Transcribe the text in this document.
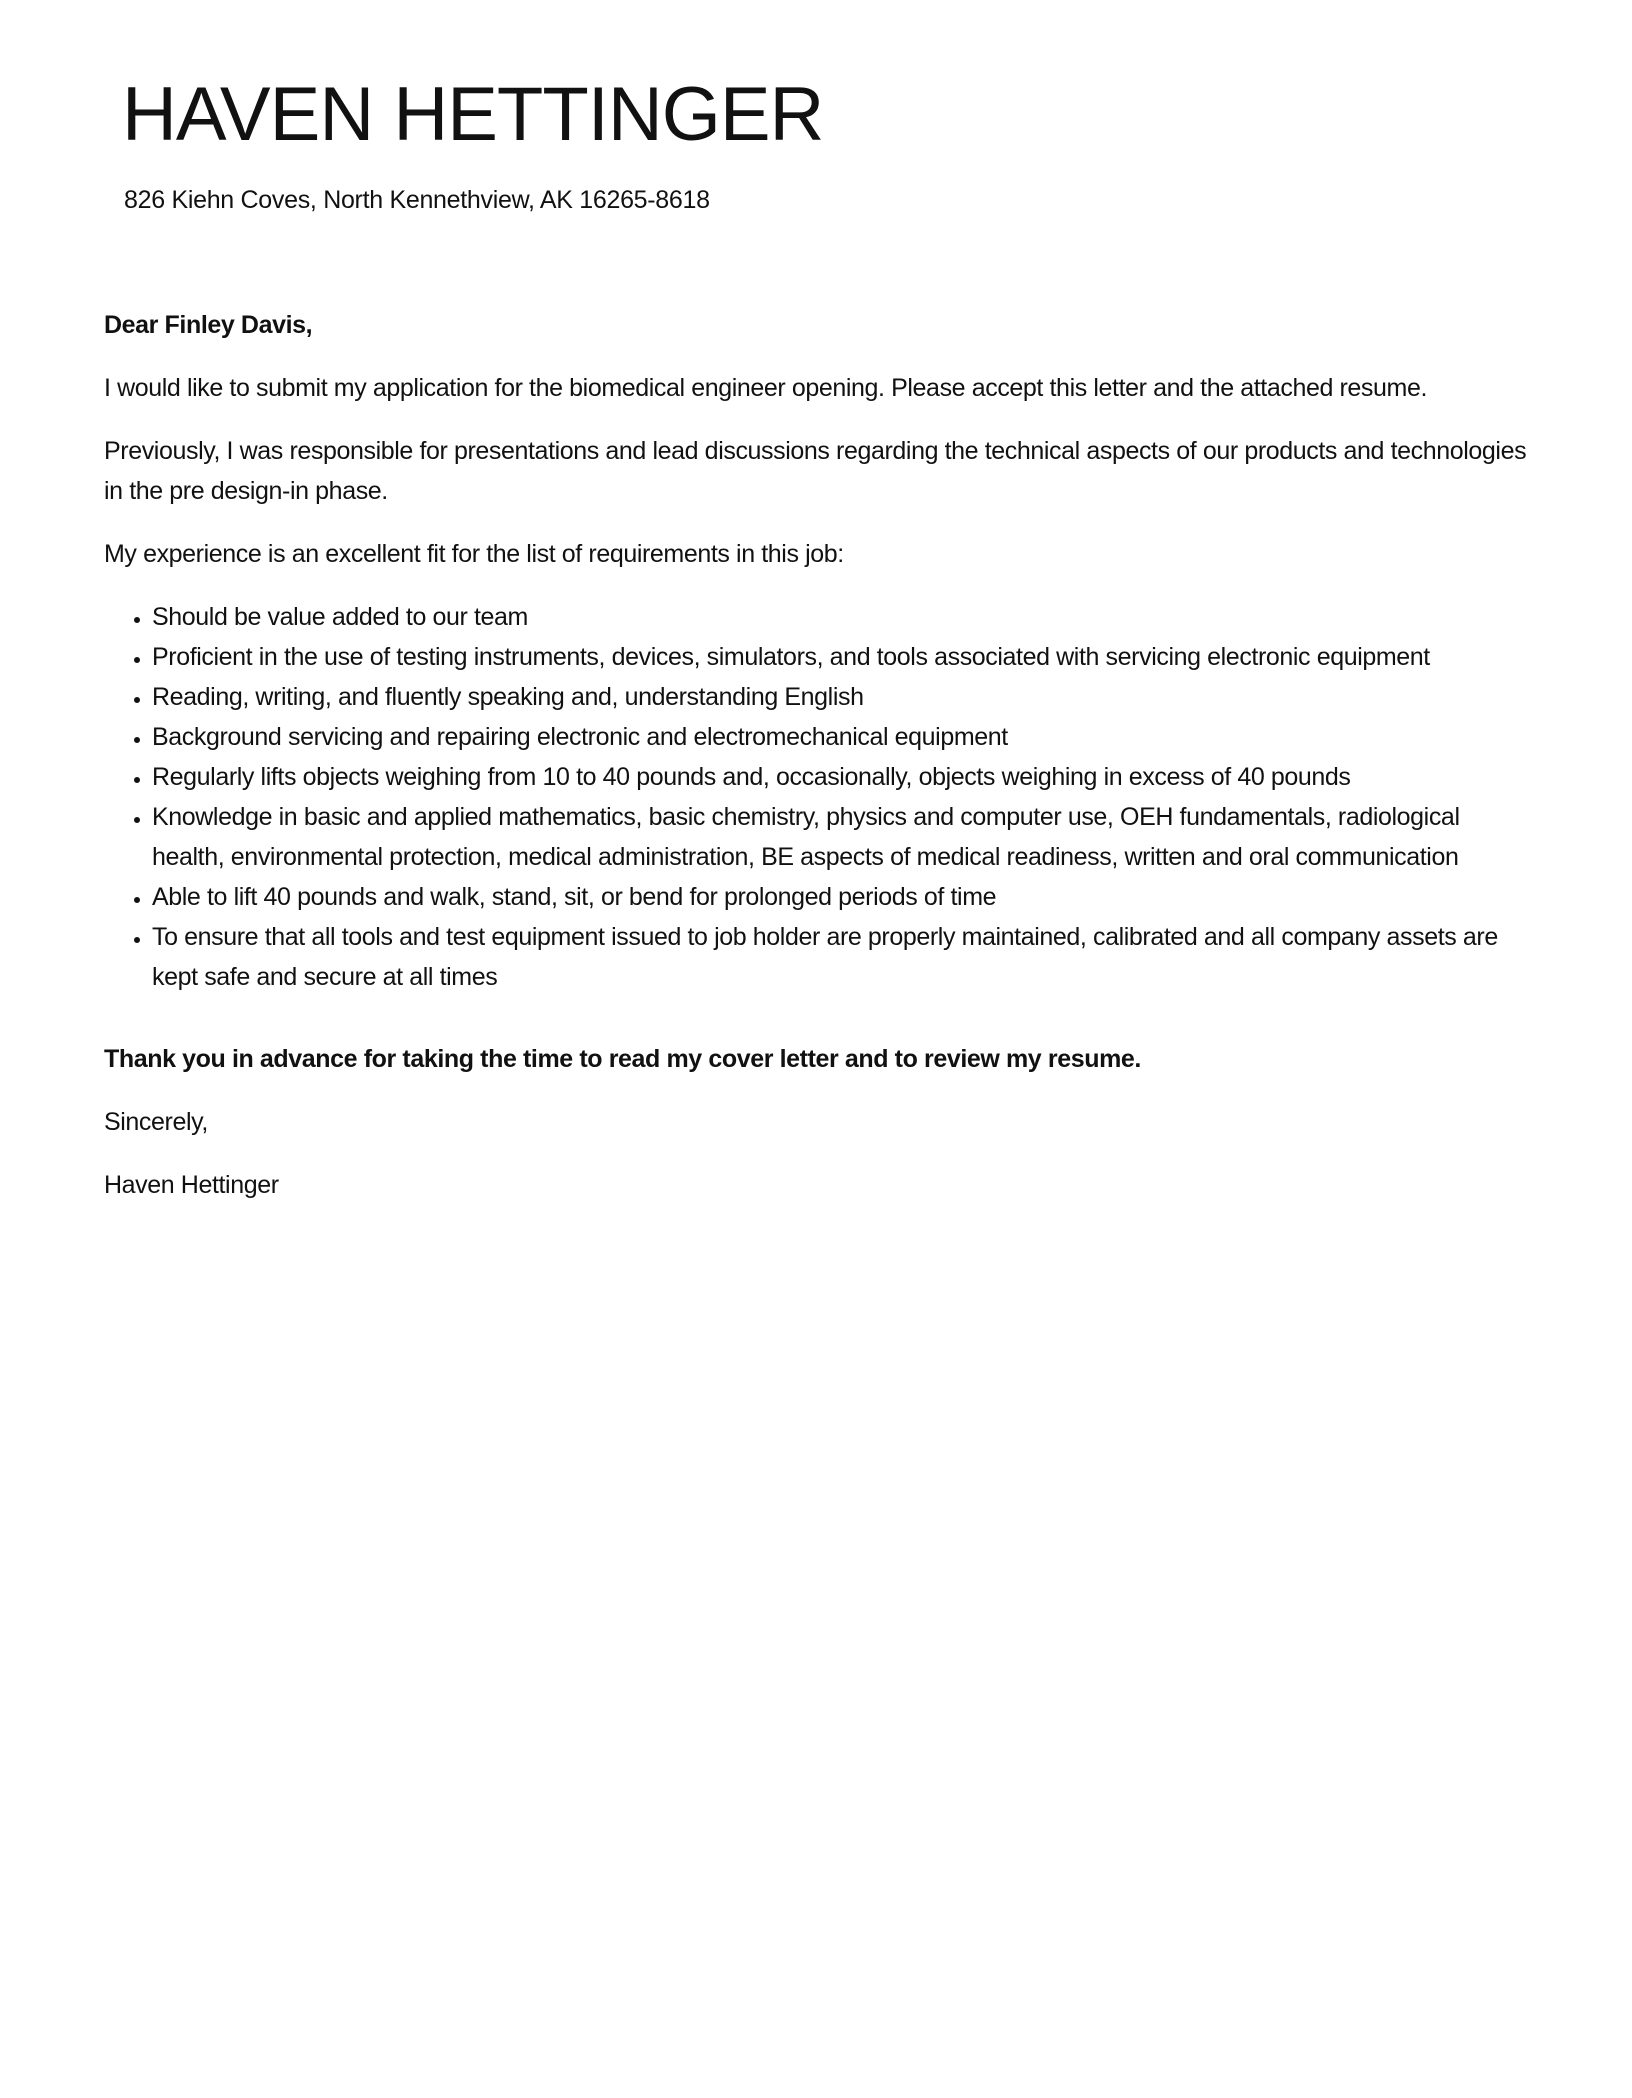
HAVEN HETTINGER
826 Kiehn Coves, North Kennethview, AK 16265-8618

Dear Finley Davis,

I would like to submit my application for the biomedical engineer opening. Please accept this letter and the attached resume.

Previously, I was responsible for presentations and lead discussions regarding the technical aspects of our products and technologies in the pre design-in phase.

My experience is an excellent fit for the list of requirements in this job:

• Should be value added to our team
• Proficient in the use of testing instruments, devices, simulators, and tools associated with servicing electronic equipment
• Reading, writing, and fluently speaking and, understanding English
• Background servicing and repairing electronic and electromechanical equipment
• Regularly lifts objects weighing from 10 to 40 pounds and, occasionally, objects weighing in excess of 40 pounds
• Knowledge in basic and applied mathematics, basic chemistry, physics and computer use, OEH fundamentals, radiological health, environmental protection, medical administration, BE aspects of medical readiness, written and oral communication
• Able to lift 40 pounds and walk, stand, sit, or bend for prolonged periods of time
• To ensure that all tools and test equipment issued to job holder are properly maintained, calibrated and all company assets are kept safe and secure at all times

Thank you in advance for taking the time to read my cover letter and to review my resume.

Sincerely,

Haven Hettinger
